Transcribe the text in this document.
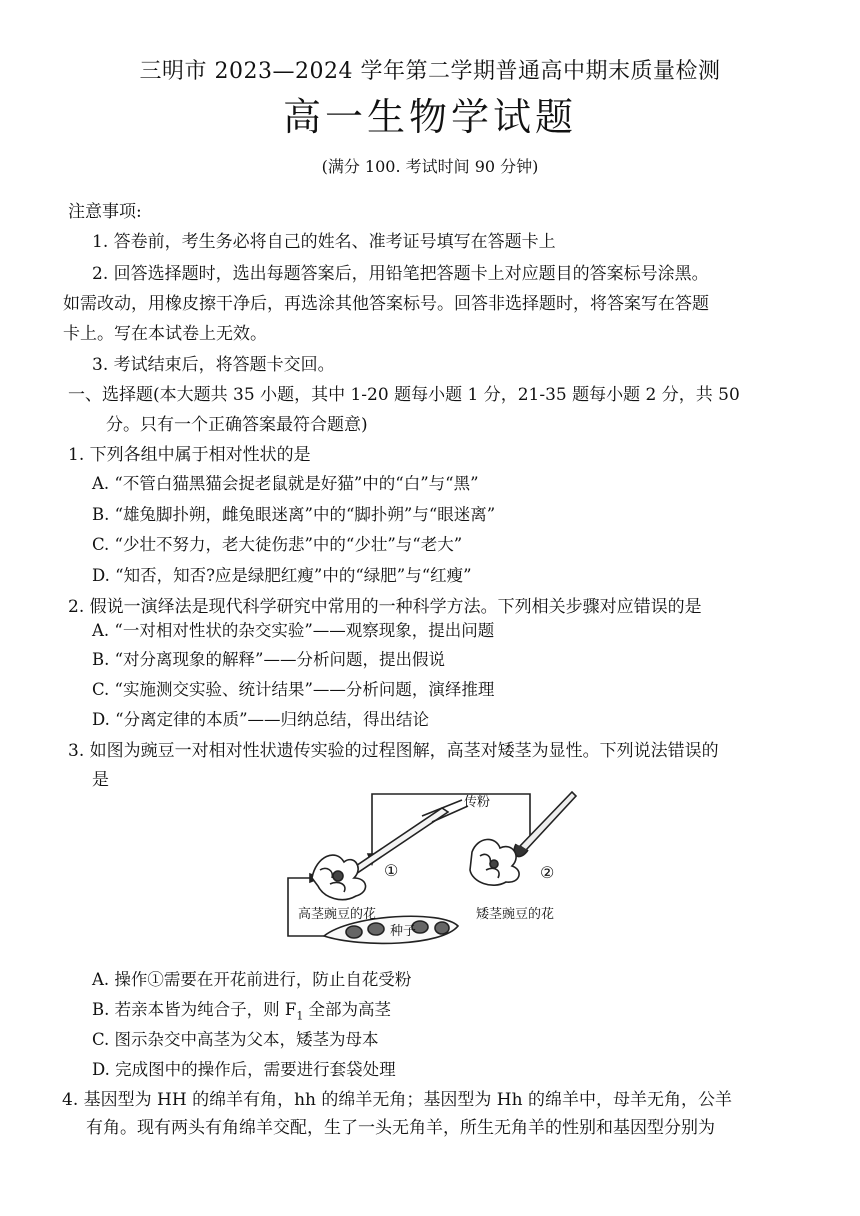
三明市 2023—2024 学年第二学期普通高中期末质量检测
高一生物学试题
(满分 100. 考试时间 90 分钟)
注意事项:
1. 答卷前，考生务必将自己的姓名、准考证号填写在答题卡上
2. 回答选择题时，选出每题答案后，用铅笔把答题卡上对应题目的答案标号涂黑。
如需改动，用橡皮擦干净后，再选涂其他答案标号。回答非选择题时，将答案写在答题
卡上。写在本试卷上无效。
3. 考试结束后，将答题卡交回。
一、选择题(本大题共 35 小题，其中 1-20 题每小题 1 分，21-35 题每小题 2 分，共 50
分。只有一个正确答案最符合题意)
1. 下列各组中属于相对性状的是
A. “不管白猫黑猫会捉老鼠就是好猫”中的“白”与“黑”
B. “雄兔脚扑朔，雌兔眼迷离”中的“脚扑朔”与“眼迷离”
C. “少壮不努力，老大徒伤悲”中的“少壮”与“老大”
D. “知否，知否?应是绿肥红瘦”中的“绿肥”与“红瘦”
2. 假说一演绎法是现代科学研究中常用的一种科学方法。下列相关步骤对应错误的是
A. “一对相对性状的杂交实验”——观察现象，提出问题
B. “对分离现象的解释”——分析问题，提出假说
C. “实施测交实验、统计结果”——分析问题，演绎推理
D. “分离定律的本质”——归纳总结，得出结论
3. 如图为豌豆一对相对性状遗传实验的过程图解，高茎对矮茎为显性。下列说法错误的
是
传粉
①	②
高茎豌豆的花	矮茎豌豆的花
种子
A. 操作①需要在开花前进行，防止自花受粉
B. 若亲本皆为纯合子，则 $F_1$ 全部为高茎
C. 图示杂交中高茎为父本，矮茎为母本
D. 完成图中的操作后，需要进行套袋处理
4. 基因型为 HH 的绵羊有角，hh 的绵羊无角；基因型为 Hh 的绵羊中，母羊无角，公羊
有角。现有两头有角绵羊交配，生了一头无角羊，所生无角羊的性别和基因型分别为
